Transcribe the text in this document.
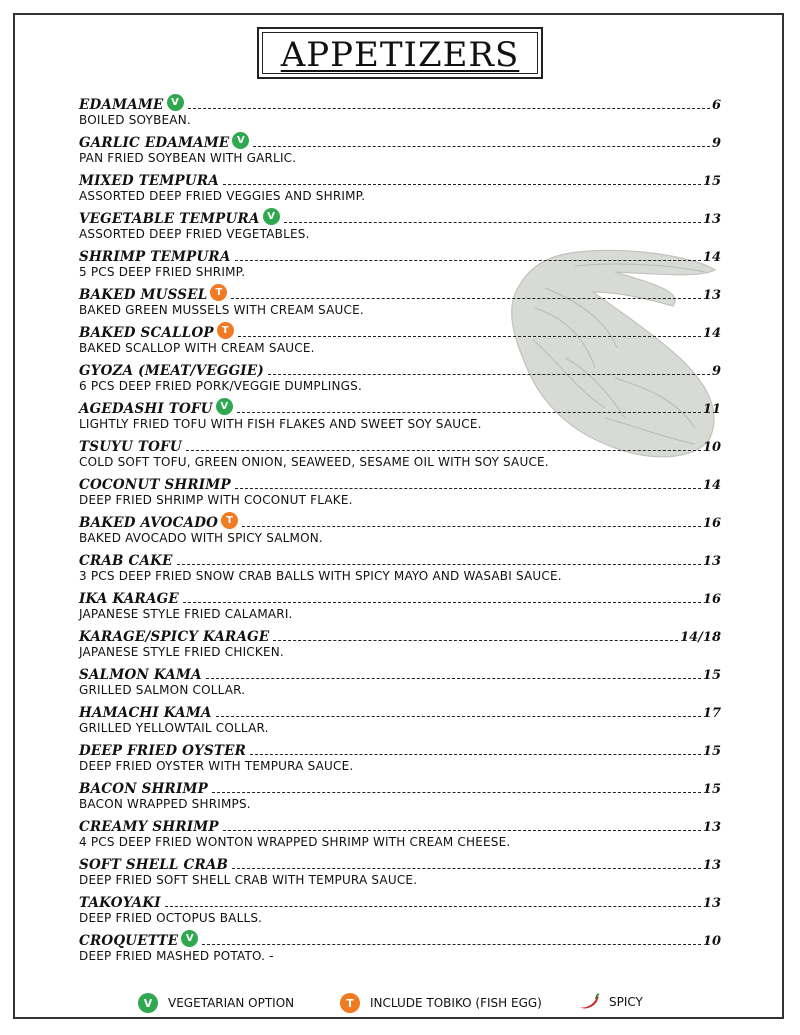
APPETIZERS
EDAMAME V	6
BOILED SOYBEAN.
GARLIC EDAMAME V	9
PAN FRIED SOYBEAN WITH GARLIC.
MIXED TEMPURA	15
ASSORTED DEEP FRIED VEGGIES AND SHRIMP.
VEGETABLE TEMPURA V	13
ASSORTED DEEP FRIED VEGETABLES.
SHRIMP TEMPURA	14
5 PCS DEEP FRIED SHRIMP.
BAKED MUSSEL T	13
BAKED GREEN MUSSELS WITH CREAM SAUCE.
BAKED SCALLOP T	14
BAKED SCALLOP WITH CREAM SAUCE.
GYOZA (MEAT/VEGGIE)	9
6 PCS DEEP FRIED PORK/VEGGIE DUMPLINGS.
AGEDASHI TOFU V	11
LIGHTLY FRIED TOFU WITH FISH FLAKES AND SWEET SOY SAUCE.
TSUYU TOFU	10
COLD SOFT TOFU, GREEN ONION, SEAWEED, SESAME OIL WITH SOY SAUCE.
COCONUT SHRIMP	14
DEEP FRIED SHRIMP WITH COCONUT FLAKE.
BAKED AVOCADO T	16
BAKED AVOCADO WITH SPICY SALMON.
CRAB CAKE	13
3 PCS DEEP FRIED SNOW CRAB BALLS WITH SPICY MAYO AND WASABI SAUCE.
IKA KARAGE	16
JAPANESE STYLE FRIED CALAMARI.
KARAGE/SPICY KARAGE	14/18
JAPANESE STYLE FRIED CHICKEN.
SALMON KAMA	15
GRILLED SALMON COLLAR.
HAMACHI KAMA	17
GRILLED YELLOWTAIL COLLAR.
DEEP FRIED OYSTER	15
DEEP FRIED OYSTER WITH TEMPURA SAUCE.
BACON SHRIMP	15
BACON WRAPPED SHRIMPS.
CREAMY SHRIMP	13
4 PCS DEEP FRIED WONTON WRAPPED SHRIMP WITH CREAM CHEESE.
SOFT SHELL CRAB	13
DEEP FRIED SOFT SHELL CRAB WITH TEMPURA SAUCE.
TAKOYAKI	13
DEEP FRIED OCTOPUS BALLS.
CROQUETTE V	10
DEEP FRIED MASHED POTATO. -
V	VEGETARIAN OPTION	T	INCLUDE TOBIKO (FISH EGG)	SPICY
